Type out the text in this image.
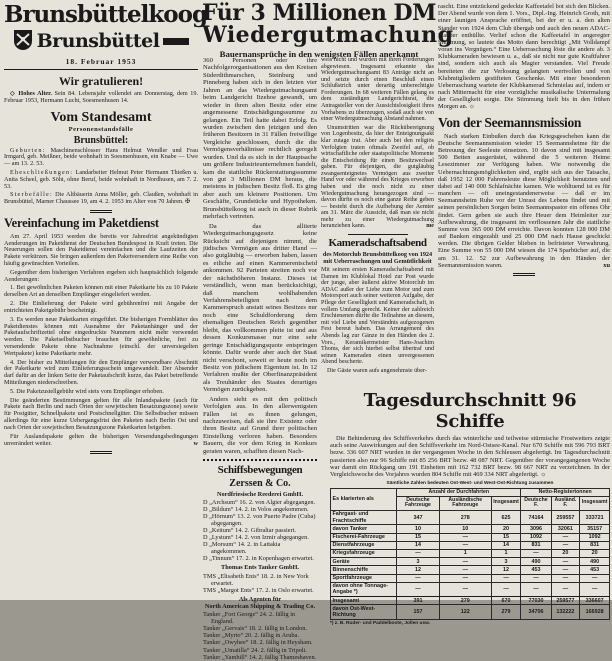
Brunsbüttelkoog
Brunsbüttel
18. Februar 1953
Wir gratulieren!

◇ Hohes Alter. Sein 84. Lebensjahr vollendet am Donnerstag, dem 19. Februar 1953, Hermann Lucht, Soesmenhusen 14.

Vom Standesamt
Personenstandsfälle
Brunsbüttel:

Geburten: Maschinenschlosser Hans Helmut Wendler und Frau Irmgard, geb. Meißner, beide wohnhaft in Soesmenhusen, ein Knabe — Uwe — am 13. 2. 53.

Eheschließungen: Landarbeiter Helmut Peter Hermann Thießen u. Anita Scheel, geb. Söht, ohne Beruf, beide wohnhaft in Nordhusen, am 7. 2. 53.

Sterbefälle: Die Altbäuerin Anna Möller, geb. Claußen, wohnhaft in Brunsbüttel, Marner Chaussee 19, am 4. 2. 1953 im Alter von 70 Jahren. ✠

Vereinfachung im Paketdienst

Am 27. April 1953 werden die bereits vor Jahresfrist angekündigten Aenderungen im Paketdienst der Deutschen Bundespost in Kraft treten. Die Neuerungen sollen den Paketdienst vereinfachen und die Laufzeiten der Pakete verkürzen. Sie bringen außerdem den Paketversendern eine Reihe von häufig gewünschten Vorteilen.

Gegenüber dem bisherigen Verfahren ergeben sich hauptsächlich folgende Aenderungen:

1. Bei gewöhnlichen Paketen können mit einer Paketkarte bis zu 10 Pakete derselben Art an denselben Empfänger eingeliefert werden.

2. Die Einlieferung der Pakete wird gebührenfrei mit Angabe der entrichteten Paketgebühr bescheinigt.

3. Es werden neue Paketkarten eingeführt. Die bisherigen Formblätter des Paketdienstes können mit Ausnahme der Paketanhänger und der Paketaufschriftzettel ohne eingedruckte Nummern nicht mehr verwendet werden. Die Paketselbstbucher brauchen für gewöhnliche, frei zu versendende Pakete ohne Nachnahme (einschl. der unversiegelten Wertpakete) keine Paketkarte mehr.

4. Der bisher zu Mitteilungen für den Empfänger verwendbare Abschnitt der Paketkarte wird zum Einlieferungsschein umgewandelt. Der Absender darf dafür an der linken Seite der Paketaufschrift kurze, das Paket betreffende Mitteilungen niederschreiben.

5. Die Paketzustellgebühr wird stets vom Empfänger erhoben.

Die geänderten Bestimmungen gelten für alle Inlandspakete (auch für Pakete nach Berlin und nach Orten der sowjetischen Besatzungszone) sowie für Postgüter, Schnellpakete und Postschnellgüter. Die Selbstbucher müssen allerdings für eine kurze Uebergangsfrist den Paketen nach Berlin Ost und nach Orten der sowjetischen Besatzungszone Paketkarten beigeben.

Für Auslandspakete gelten die bisherigen Versendungsbedingungen unverändert weiter.	w

Für 3 Millionen DM
Wiedergutmachung
Bauernansprüche in den wenigsten Fällen anerkannt

360 Personen oder ihre Nachfolgerorganisationen aus den Kreisen Süderdithmarschen, Steinburg und Pinneberg haben sich in den letzten vier Jahren an das Wiedergutmachungsamt beim Landgericht Itzehoe gewandt, um wieder in ihren alten Besitz oder eine angemessene Entschädigungssumme zu gelangen. Ein Teil hatte dabei Erfolg. Es wurden zwischen den jetzigen und den früheren Besitzern in 31 Fällen freiwillige Vergleiche geschlossen, durch die die Vermögensverhältnisse rechtlich geregelt wurden. Und da es sich in der Hauptsache um größere Industrieunternehmen handelt, kam die stattliche Rückerstattungssumme von gut 3 Millionen DM heraus, die meistens in jüdischen Besitz floß. Es ging aber auch um kleinere Positionen. Um Geschäfte, Grundstücke und Hypotheken. Brunsbüttelkoog ist auch in dieser Rubrik mehrfach vertreten.

Da das alliierte Wiedergutmachungsgesetz keine Rücksicht auf diejenigen nimmt, die jüdisches Vermögen aus dritter Hand — also gutgläubig — erworben haben, lassen es etliche auf einen Kammerentscheid ankommen. 92 Parteien streiten noch vor der nächsthöheren Instanz. Dieses ist verständlich, wenn man berücksichtigt, daß manchem wohlhabenden Verfahrensbeteiligten nach dem Kammerspruch anstatt seines Besitzes nur noch eine Schuldforderung dem ehemaligen Deutschen Reich gegenüber bleibt, das vollkommen pleite ist und aus dessen Konkursmasse nur eine sehr geringe Entschädigungsquote entspringen könnte. Dafür wurde aber auch der Staat nicht verschont, soweit er heute noch im Besitz von jüdischem Eigentum ist. In 12 Verfahren mußte der Oberfinanzpräsident als Treuhänder des Staates derartiges Vermögen zurückgeben.

Anders sieht es mit den politisch Verfolgten aus. In den allerwenigsten Fällen ist es ihnen gelungen, nachzuweisen, daß sie ihre Existenz oder ihren Besitz auf Grund ihrer politischen Einstellung verloren haben. Besonders Bauern, die vor dem Krieg in Konkurs geraten waren, schafften diesen Nach-

Schiffsbewegungen
Zerssen & Co.
Nordfriesische Reederei GmbH.

D „Archsum“ 16. 2. von Algier abgegangen.

D „Bildum“ 14. 2. in Volos angekommen.

D „Hörnum“ 13. 2. von Puerto Padre (Cuba) abgegangen.

D „Keitum“ 14. 2. Gibraltar passiert.

D „Lystum“ 14. 2. von Izmir abgegangen.

D „Morsum“ 14. 2. in Lattakia angekommen.

D „Tinnum“ 17. 2. in Kopenhagen erwartet.

Thomas Ents Tanker GmbH.

TMS „Elisabeth Ents“ 18. 2. in New York erwartet.

TMS „Margot Ents“ 17. 2. in Oslo erwartet.

Als Agenten für
North American Shipping & Trading Co.

Tanker „Fort George“ 24. 2. fällig in England.

Tanker „Gervais“ 18. 2. fällig in London.

Tanker „Myrto“ 20. 2. fällig in Aruba.

Tanker „Owyhee“ 18. 2. fällig in Heysham.

Tanker „Umatilla“ 24. 2. fällig in Tripoli.

Tanker „Yamhill“ 14. 2. fällig Thameshaven.

weis nicht und wurden mit ihren Forderungen abgewiesen. Insgesamt erkannte das Wiedergutmachungsamt 83 Anträge nicht an und setzte durch einen Beschluß einen Schlußstrich unter derartig unberechtigte Forderungen. In 68 weiteren Fällen gelang es dem zuständigen Landgerichtsrat, die Antragsteller von der Aussichtslosigkeit ihres Vorhabens zu überzeugen, sodaß auch sie von einer Wiedergutmachung Abstand nahmen.

Unumstritten war die Rückübereignung von Logenbesitz, da hier der Enteignungsakt klar zutage trat. Aber auch bei den religiös Verfolgten traten oftmals Zweifel auf, ob wirtschaftliche oder staatspolitische Momente die Entscheidung für einen Besitzwechsel gaben. Für diejenigen, die gutgläubig zwangsenteignetes Vermögen aus zweiter Hand vor oder während des Krieges erworben haben und die noch nicht zu einer Wiedergutmachung herangezogen sind — davon dürfte es noch eine ganze Reihe geben — besteht durch die Aufhebung der Aemter am 31. März die Aussicht, daß man sie nicht mehr zu einer Wiedergutmachung heranziehen kann.	me

Kameradschaftsabend
des Motorclub Brunsbüttelkoog von 1924 mit Ueberraschungen und Gemütlichkeit

Mit seinem ersten Kameradschaftsabend mit Damen im Klublokal Hotel zur Post wurde der junge, aber äußerst aktive Motorclub im ADAC außer der Liebe zum Motor und zum Motorsport auch seiner weiteren Aufgabe, der Pflege der Geselligkeit und Kameradschaft, in vollem Umfang gerecht. Keiner der zahlreich Erschienenen dürfte die Teilnahme an diesem, mit viel Liebe und Verständnis aufgezogenen Fest bereut haben. Das Arrangement des Abends lag zur Gänze in den Händen des 2. Vors., Keramikermeister Hans-Joachim Thoms, der sich hierbei selbst übertraf und seinen Kameraden einen unvergessenen Abend bescherte.

Die Gäste waren aufs angenehmste über-

rascht. Eine entzückend gedeckte Kaffeetafel bot sich den Blicken. Der Abend wurde von dem 1. Vors., Dipl.-Ing. Heinrich Groth, mit einer launigen Ansprache eröffnet, bei der er u. a. den alten Stander von 1924 dem Club übergab und auch den neuen ADAC-Stander enthüllte. Verlief schon die Kaffeetafel in angeregter Stimmung, so lautete das Motto dann berechtigt „Mit Volldampf voran ins Vergnügen.“ Eine Ueberraschung löste die andere ab. 3 Klubkameraden bewiesen u. a., daß sie nicht nur gute Kraftfahrer sind, sondern sich auch als Magier verstanden. Viel Freude bereiteten die zur Verlosung gelangten wertvollen und von Klubmitgliedern gestifteten Geschenke. Mit einer besonderen Ueberraschung wartete der Klubkamerad Schmielau auf, indem er nach Mitternacht für eine vorzügliche musikalische Untermalung der Geselligkeit sorgte. Die Stimmung hielt bis in den frühen Morgen an. ☼

Von der Seemannsmission

Nach starken Einbußen durch das Kriegsgeschehen kann die Deutsche Seemannsmission wieder 15 Seemannsheime für die Betreuung der Seeleute einsetzen. 10 davon sind mit insgesamt 500 Betten ausgerüstet, während die 5 weiteren Heime Lesezimmer zur Verfügung haben. Wie notwendig die Uebernachtungsmöglichkeiten sind, ergibt sich aus der Tatsache, daß 1952 12 000 Fahrensleute diese Möglichkeit benutzten und dabei auf 140 000 Schlafnächte kamen. Wie wohltuend ist es für manchen — oft uneingestandenerweise — daß er im Seemannsheim Ruhe vor der Unrast des Lebens findet und mit seinen persönlichen Sorgen beim Seemannspastor ein offenes Ohr findet. Gern geben sie auch ihre Heuer dem Heimleiter zur Aufbewahrung, die insgesamt im verflossenen Jahr die stattliche Summe von 365 000 DM erreichte. Davon konnten 128 000 DM auf Banken eingezahlt und 25 000 DM nach Hause geschickt werden. Die übrigen Gelder blieben in befristeter Verwahrung. Eine Summe von 55 000 DM wiesen die 174 Sparbücher auf, die am 31. 12. 52 zur Aufbewahrung in den Händen der Seemannsmission waren.	xu

Tagesdurchschnitt 96 Schiffe

Die Behinderung des Schiffsverkehrs durch das winterliche und teilweise stürmische Frostwetters zeigte auch seine Auswirkungen auf den Schiffsverkehr im Nord-Ostsee-Kanal. Nur 670 Schiffe mit 596 793 BRT bezw. 336 607 NRT wurden in der vergangenen Woche in den Schleusen abgefertigt. Im Tagesdurchschnitt passierten also nur 96 Schiffe mit 85 256 BRT bezw. 48 087 NRT. Gegenüber der vorangegangenen Woche war damit ein Rückgang um 191 Einheiten mit 162 732 BRT bezw. 98 667 NRT zu verzeichnen. In der Vergleichswoche des Vorjahres wurden 804 Schiffe mit 469 334 NRT abgefertigt. ☼

Sämtliche Zahlen bedeuten Ost-West- und West-Ost-Richtung zusammen
Es klarierten als	Anzahl der Durchfahrten			Netto-Registertonnen		
	Deutsche Fahrzeuge	Ausländische Fahrzeuge	Insgesamt	Deutsche F.	Ausländ. F.	Insgesamt
Fahrgast- und Frachtschiffe	347	278	625	74164	259557	333721
davon Tanker	10	10	20	3096	32061	35157
Fischerei-Fahrzeuge	15	—	15	1092	—	1092
Dienstfahrzeuge	14	—	14	831	—	831
Kriegsfahrzeuge	—	1	1	—	20	20
Geräte	3	—	3	490	—	490
Binnenschiffe	12	—	12	453	—	453
Sportfahrzeuge	—	—	—	—	—	—
davon ohne Tonnage-Angabe *)	—	—	—	—	—	—
Insgesamt	391	279	670	77030	259577	336607
davon Ost-West-Richtung	157	122	279	34706	132222	166928
*) z. B. Ruder- und Paddelboote, Jollen usw.
